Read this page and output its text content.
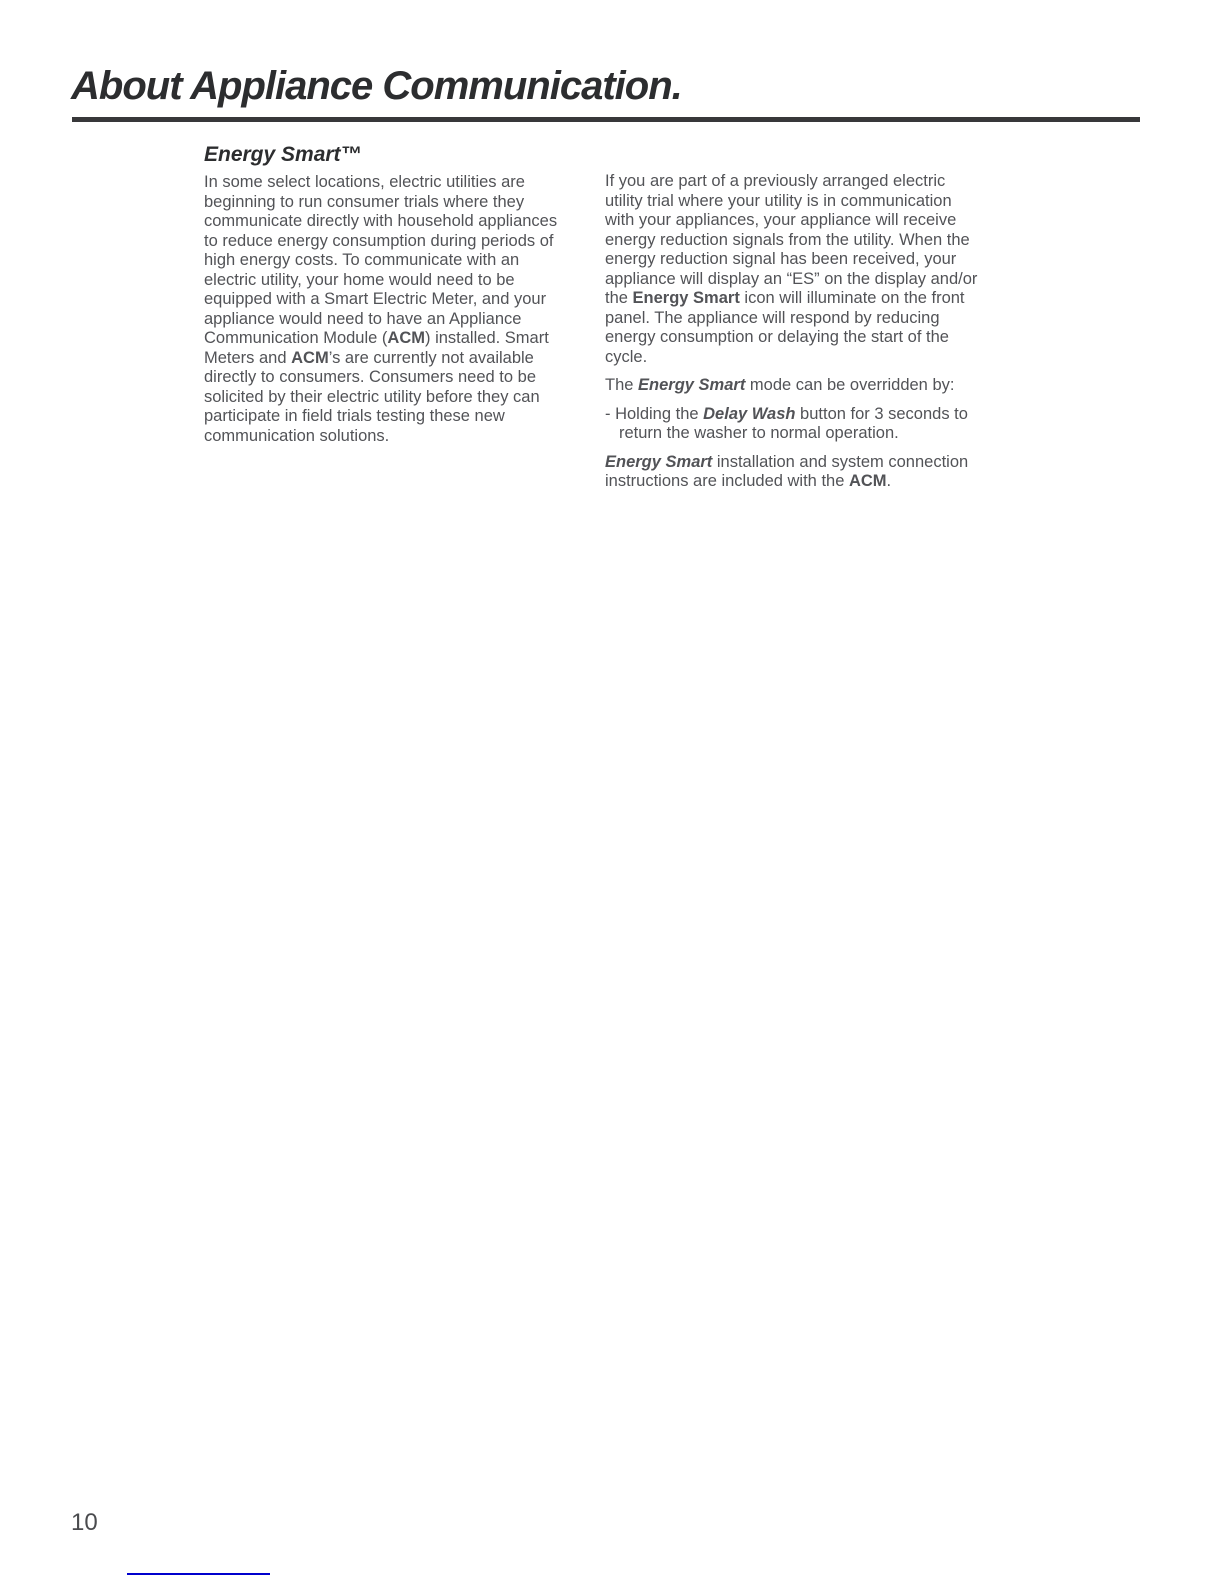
About Appliance Communication.
Energy Smart™

In some select locations, electric utilities are beginning to run consumer trials where they communicate directly with household appliances to reduce energy consumption during periods of high energy costs. To communicate with an electric utility, your home would need to be equipped with a Smart Electric Meter, and your appliance would need to have an Appliance Communication Module (ACM) installed. Smart Meters and ACM’s are currently not available directly to consumers. Consumers need to be solicited by their electric utility before they can participate in field trials testing these new communication solutions.

If you are part of a previously arranged electric utility trial where your utility is in communication with your appliances, your appliance will receive energy reduction signals from the utility. When the energy reduction signal has been received, your appliance will display an “ES” on the display and/or the Energy Smart icon will illuminate on the front panel. The appliance will respond by reducing energy consumption or delaying the start of the cycle.

The Energy Smart mode can be overridden by:

- Holding the Delay Wash button for 3 seconds to return the washer to normal operation.

Energy Smart installation and system connection instructions are included with the ACM.

10
